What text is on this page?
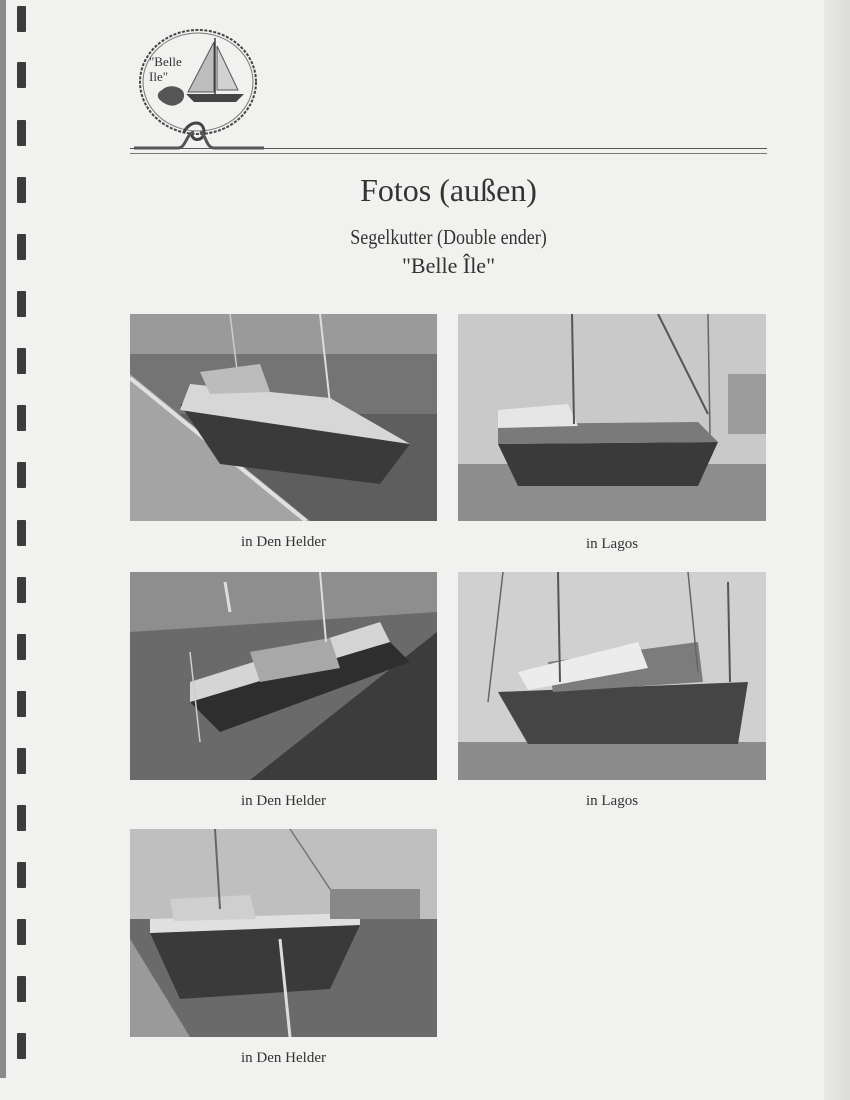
"Belle
Ile"
Fotos (außen)
Segelkutter (Double ender)
"Belle Île"
in Den Helder	in Lagos
in Den Helder	in Lagos
in Den Helder
